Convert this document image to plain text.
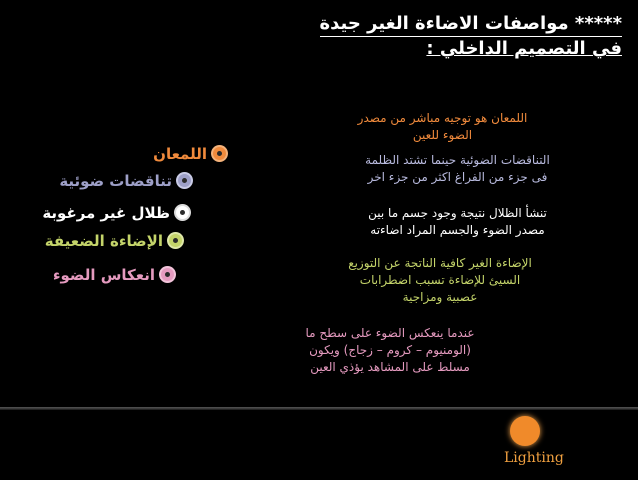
***** مواصفات الاضاءة الغير جيدة
في التصميم الداخلي :
اللمعان
تناقضات ضوئية
ظلال غير مرغوبة
الإضاءة الضعيفة
انعكاس الضوء
اللمعان هو توجيه مباشر من مصدر
الضوء للعين
التناقضات الضوئية حينما تشتد الظلمة
فى جزء من الفراغ اكثر من جزء اخر
تنشأ الظلال نتيجة وجود جسم ما بين
مصدر الضوء والجسم المراد اضاءته
الإضاءة الغير كافية الناتجة عن التوزيع
السيئ للإضاءة تسبب اضطرابات
عصبية ومزاجية
عندما ينعكس الضوء على سطح ما
(الومنيوم – كروم – زجاج) ويكون
مسلط على المشاهد يؤذي العين
Lighting
